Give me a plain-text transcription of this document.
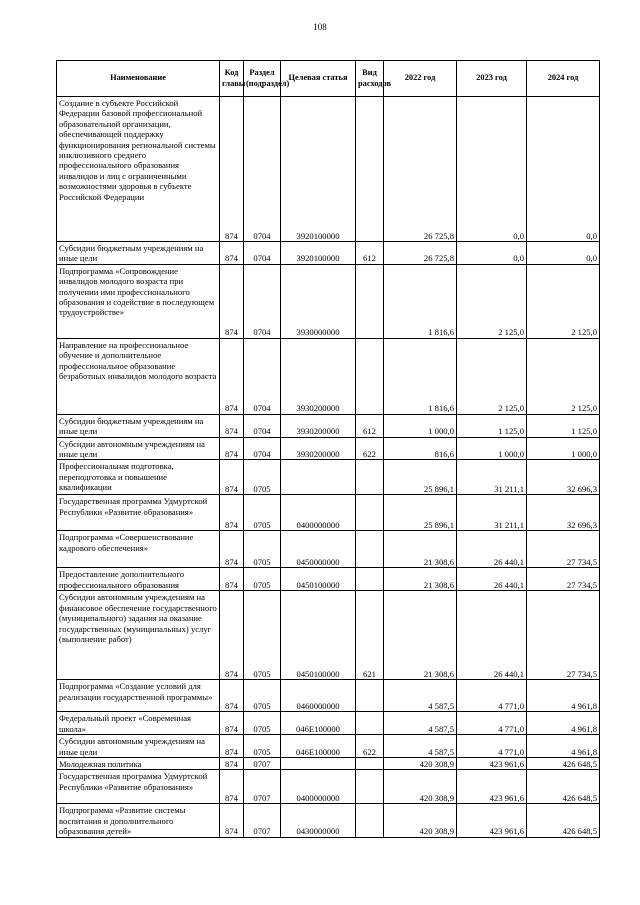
108
Наименование	Код главы	Раздел (подраздел)	Целевая статья	Вид расходов	2022 год	2023 год	2024 год
Создание в субъекте Российской Федерации базовой профессиональной образовательной организации, обеспечивающей поддержку функционирования региональной системы инклюзивного среднего профессионального образования инвалидов и лиц с ограниченными возможностями здоровья в субъекте Российской Федерации	874	0704	3920100000		26 725,8	0,0	0,0
Субсидии бюджетным учреждениям на иные цели	874	0704	3920100000	612	26 725,8	0,0	0,0
Подпрограмма «Сопровождение инвалидов молодого возраста при получении ими профессионального образования и содействие в последующем трудоустройстве»	874	0704	3930000000		1 816,6	2 125,0	2 125,0
Направление на профессиональное обучение и дополнительное профессиональное образование безработных инвалидов молодого возраста	874	0704	3930200000		1 816,6	2 125,0	2 125,0
Субсидии бюджетным учреждениям на иные цели	874	0704	3930200000	612	1 000,0	1 125,0	1 125,0
Субсидии автономным учреждениям на иные цели	874	0704	3930200000	622	816,6	1 000,0	1 000,0
Профессиональная подготовка, переподготовка и повышение квалификации	874	0705			25 896,1	31 211,1	32 696,3
Государственная программа Удмуртской Республики «Развитие образования»	874	0705	0400000000		25 896,1	31 211,1	32 696,3
Подпрограмма «Совершенствование кадрового обеспечения»	874	0705	0450000000		21 308,6	26 440,1	27 734,5
Предоставление дополнительного профессионального образования	874	0705	0450100000		21 308,6	26 440,1	27 734,5
Субсидии автономным учреждениям на финансовое обеспечение государственного (муниципального) задания на оказание государственных (муниципальных) услуг (выполнение работ)	874	0705	0450100000	621	21 308,6	26 440,1	27 734,5
Подпрограмма «Создание условий для реализации государственной программы»	874	0705	0460000000		4 587,5	4 771,0	4 961,8
Федеральный проект «Современная школа»	874	0705	046E100000		4 587,5	4 771,0	4 961,8
Субсидии автономным учреждениям на иные цели	874	0705	046E100000	622	4 587,5	4 771,0	4 961,8
Молодежная политика	874	0707			420 308,9	423 961,6	426 648,5
Государственная программа Удмуртской Республики «Развитие образования»	874	0707	0400000000		420 308,9	423 961,6	426 648,5
Подпрограмма «Развитие системы воспитания и дополнительного образования детей»	874	0707	0430000000		420 308,9	423 961,6	426 648,5
